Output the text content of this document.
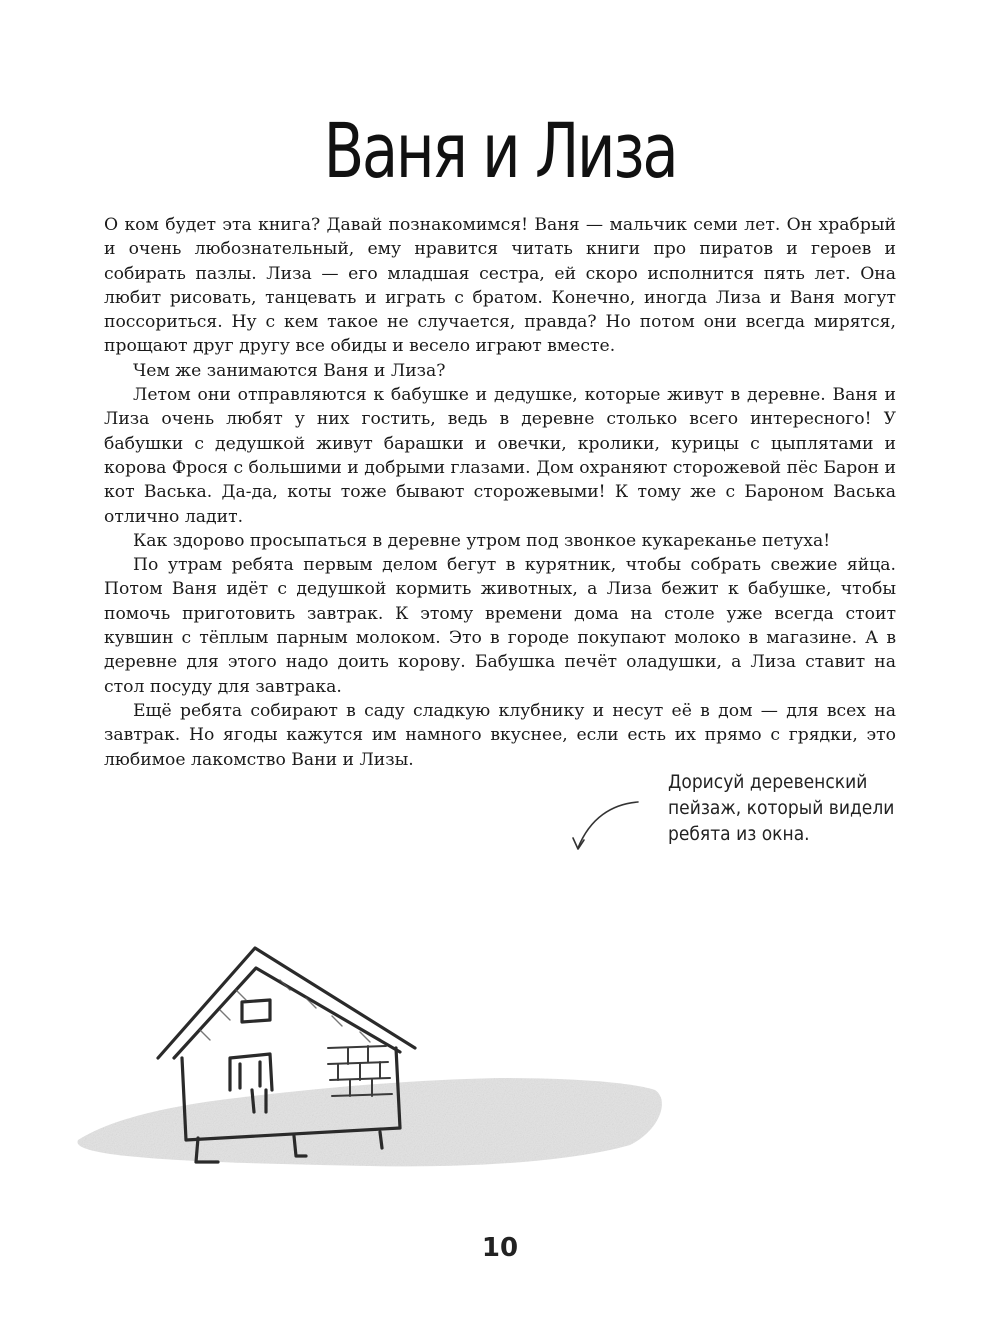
Ваня и Лиза

О ком будет эта книга? Давай познакомимся! Ваня — мальчик семи лет. Он храбрый и очень любознательный, ему нравится читать книги про пиратов и героев и собирать пазлы. Лиза — его младшая сестра, ей скоро исполнится пять лет. Она любит рисовать, танцевать и играть с братом. Конечно, иногда Лиза и Ваня могут поссориться. Ну с кем такое не случается, правда? Но потом они всегда мирятся, прощают друг другу все обиды и весело играют вместе.

Чем же занимаются Ваня и Лиза?

Летом они отправляются к бабушке и дедушке, которые живут в деревне. Ваня и Лиза очень любят у них гостить, ведь в деревне столько всего интересного! У бабушки с дедушкой живут барашки и овечки, кролики, курицы с цыплятами и корова Фрося с большими и добрыми глазами. Дом охраняют сторожевой пёс Барон и кот Васька. Да-да, коты тоже бывают сторожевыми! К тому же с Бароном Васька отлично ладит.

Как здорово просыпаться в деревне утром под звонкое кукареканье петуха!

По утрам ребята первым делом бегут в курятник, чтобы собрать свежие яйца. Потом Ваня идёт с дедушкой кормить животных, а Лиза бежит к бабушке, чтобы помочь приготовить завтрак. К этому времени дома на столе уже всегда стоит кувшин с тёплым парным молоком. Это в городе покупают молоко в магазине. А в деревне для этого надо доить корову. Бабушка печёт оладушки, а Лиза ставит на стол посуду для завтрака.

Ещё ребята собирают в саду сладкую клубнику и несут её в дом — для всех на завтрак. Но ягоды кажутся им намного вкуснее, если есть их прямо с грядки, это любимое лакомство Вани и Лизы.

Дорисуй деревенский
пейзаж, который видели
ребята из окна.
10
